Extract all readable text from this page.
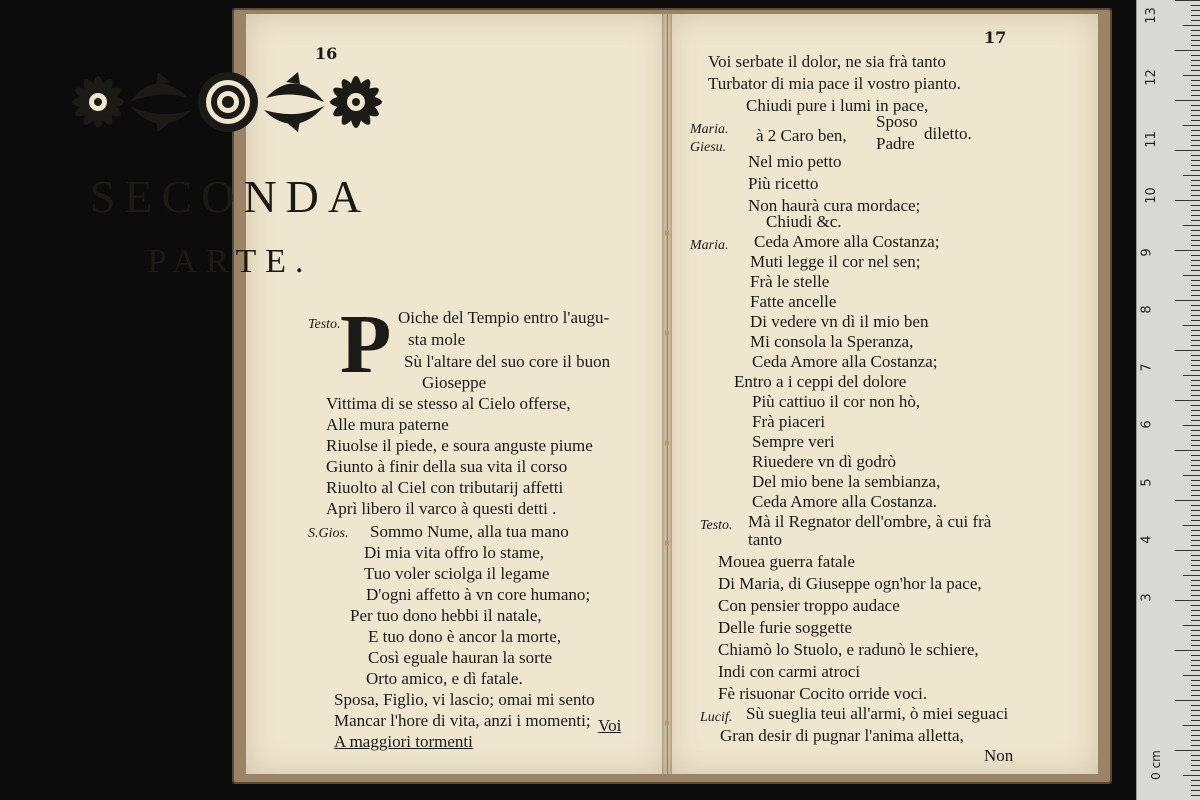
16
SECONDA
PARTE.
Testo. P Oiche del Tempio entro l'augu-
sta mole
Sù l'altare del suo core il buon
Gioseppe
Vittima di se stesso al Cielo offerse,
Alle mura paterne
Riuolse il piede, e soura anguste piume
Giunto à finir della sua vita il corso
Riuolto al Ciel con tributarij affetti
Aprì libero il varco à questi detti .
S.Gios. Sommo Nume, alla tua mano
Di mia vita offro lo stame,
Tuo voler sciolga il legame
D'ogni affetto à vn core humano;
Per tuo dono hebbi il natale,
E tuo dono è ancor la morte,
Così eguale hauran la sorte
Orto amico, e dì fatale.
Sposa, Figlio, vi lascio; omai mi sento
Mancar l'hore di vita, anzi i momenti;
A maggiori tormenti
Voi
17
Voi serbate il dolor, ne sia frà tanto
Turbator di mia pace il vostro pianto.
Chiudi pure i lumi in pace,
Maria.
Giesu.
à 2 Caro ben,
Sposo
Padre
diletto.
Nel mio petto
Più ricetto
Non haurà cura mordace;
Chiudi &c.
Maria. Ceda Amore alla Costanza;
Muti legge il cor nel sen;
Frà le stelle
Fatte ancelle
Di vedere vn dì il mio ben
Mi consola la Speranza,
Ceda Amore alla Costanza;
Entro a i ceppi del dolore
Più cattiuo il cor non hò,
Frà piaceri
Sempre veri
Riuedere vn dì godrò
Del mio bene la sembianza,
Ceda Amore alla Costanza.
Testo. Mà il Regnator dell'ombre, à cui frà
tanto
Mouea guerra fatale
Di Maria, di Giuseppe ogn'hor la pace,
Con pensier troppo audace
Delle furie soggette
Chiamò lo Stuolo, e radunò le schiere,
Indi con carmi atroci
Fè risuonar Cocito orride voci.
Lucif. Sù sueglia teui all'armi, ò miei seguaci
Gran desir di pugnar l'anima alletta,
Non
13
12
11
10
9
8
7
6
5
4
3
0 cm
